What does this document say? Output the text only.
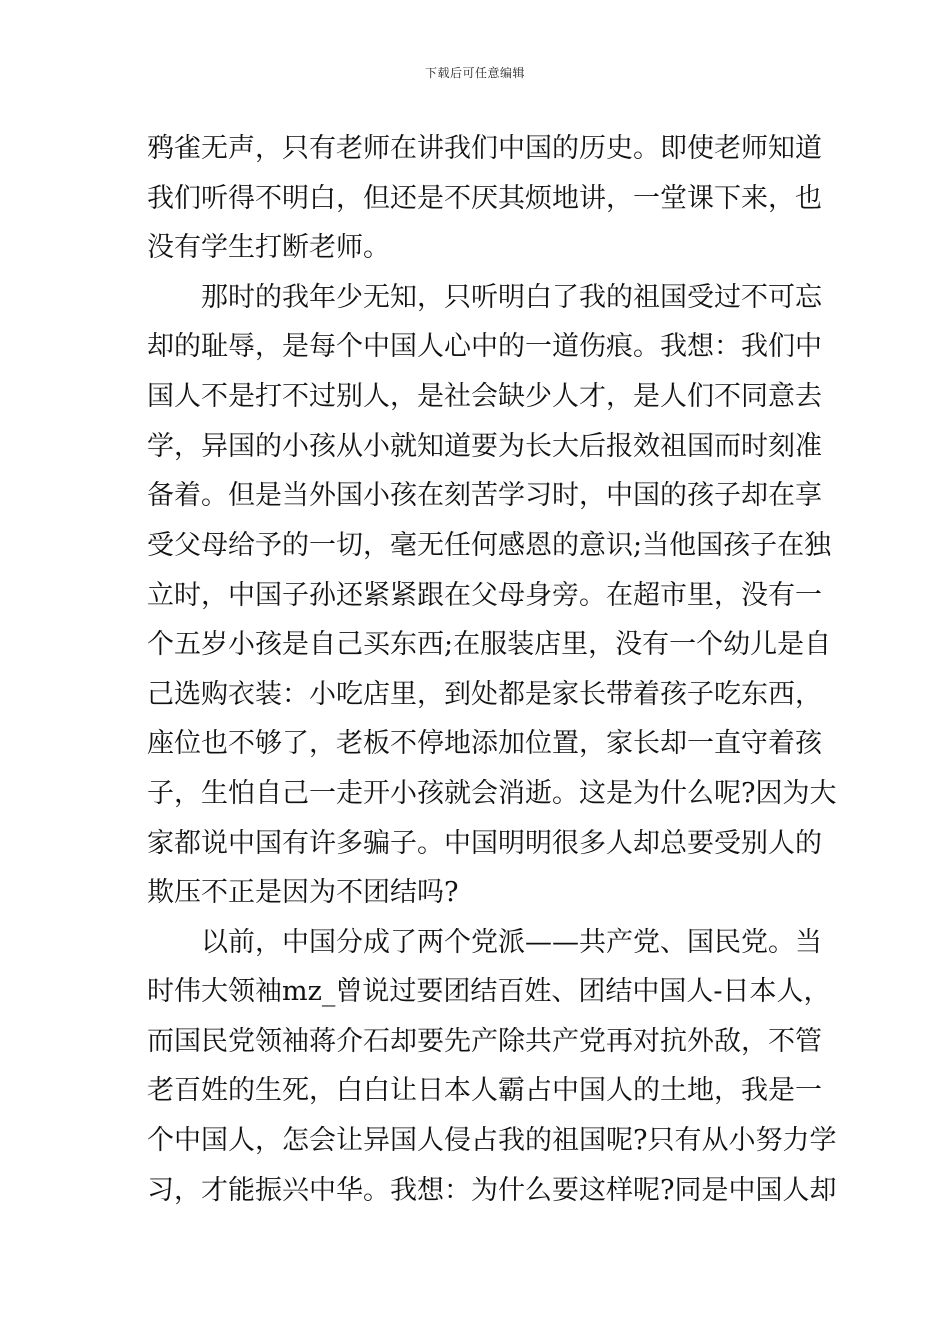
下载后可任意编辑
鸦雀无声，只有老师在讲我们中国的历史。即使老师知道
我们听得不明白，但还是不厌其烦地讲，一堂课下来，也
没有学生打断老师。
　　那时的我年少无知，只听明白了我的祖国受过不可忘
却的耻辱，是每个中国人心中的一道伤痕。我想：我们中
国人不是打不过别人，是社会缺少人才，是人们不同意去
学，异国的小孩从小就知道要为长大后报效祖国而时刻准
备着。但是当外国小孩在刻苦学习时，中国的孩子却在享
受父母给予的一切，毫无任何感恩的意识;当他国孩子在独
立时，中国子孙还紧紧跟在父母身旁。在超市里，没有一
个五岁小孩是自己买东西;在服装店里，没有一个幼儿是自
己选购衣装：小吃店里，到处都是家长带着孩子吃东西，
座位也不够了，老板不停地添加位置，家长却一直守着孩
子，生怕自己一走开小孩就会消逝。这是为什么呢?因为大
家都说中国有许多骗子。中国明明很多人却总要受别人的
欺压不正是因为不团结吗?
　　以前，中国分成了两个党派——共产党、国民党。当
时伟大领袖mz_曾说过要团结百姓、团结中国人-日本人，
而国民党领袖蒋介石却要先产除共产党再对抗外敌，不管
老百姓的生死，白白让日本人霸占中国人的土地，我是一
个中国人，怎会让异国人侵占我的祖国呢?只有从小努力学
习，才能振兴中华。我想：为什么要这样呢?同是中国人却
